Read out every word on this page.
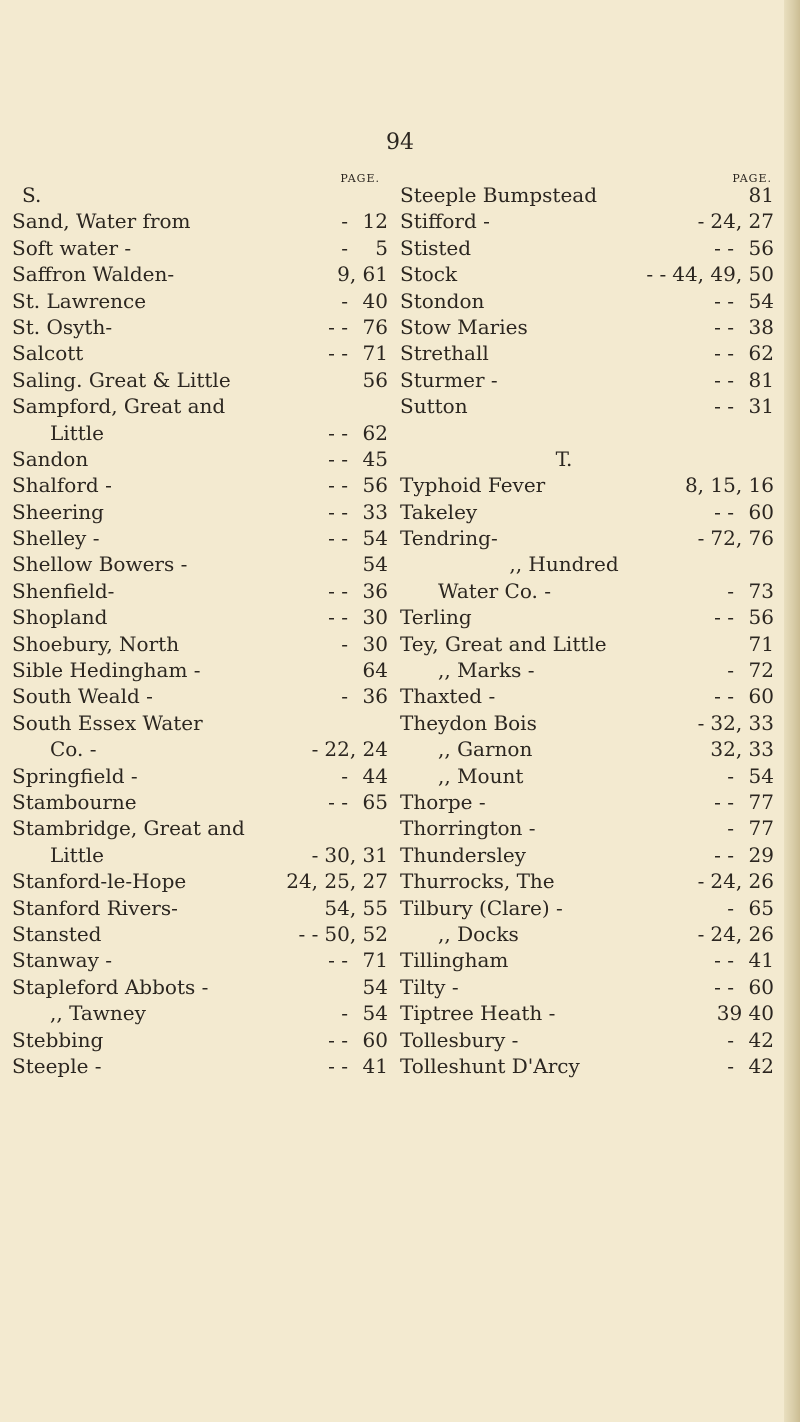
94
PAGE.
S.
Sand, Water from	- 12
Soft water -	-	5
Saffron Walden-	9, 61
St. Lawrence	- 40
St. Osyth-	- - 76
Salcott	- - 71
Saling. Great & Little	56
Sampford, Great and
Little	- - 62
Sandon	- - 45
Shalford -	- - 56
Sheering	- - 33
Shelley -	- - 54
Shellow Bowers -	54
Shenfield-	- - 36
Shopland	- - 30
Shoebury, North	- 30
Sible Hedingham -	64
South Weald -	- 36
South Essex Water
Co. -	- 22, 24
Springfield -	- 44
Stambourne	- - 65
Stambridge, Great and
Little	- 30, 31
Stanford-le-Hope	24, 25, 27
Stanford Rivers-	54, 55
Stansted	- - 50, 52
Stanway -	- - 71
Stapleford Abbots -	54
,, Tawney	- 54
Stebbing	- - 60
Steeple -	- - 41
PAGE.
Steeple Bumpstead	81
Stifford -	- 24, 27
Stisted	- - 56
Stock	- - 44, 49, 50
Stondon	- - 54
Stow Maries	- - 38
Strethall	- - 62
Sturmer -	- - 81
Sutton	- - 31
T.
Typhoid Fever	8, 15, 16
Takeley	- - 60
Tendring-	- 72, 76
,, Hundred
Water Co. -	- 73
Terling	- - 56
Tey, Great and Little	71
,, Marks -	- 72
Thaxted -	- - 60
Theydon Bois	- 32, 33
,, Garnon	32, 33
,, Mount	- 54
Thorpe -	- - 77
Thorrington -	- 77
Thundersley	- - 29
Thurrocks, The	- 24, 26
Tilbury (Clare) -	- 65
,, Docks	- 24, 26
Tillingham	- - 41
Tilty -	- - 60
Tiptree Heath -	39 40
Tollesbury -	- 42
Tolleshunt D'Arcy	- 42
